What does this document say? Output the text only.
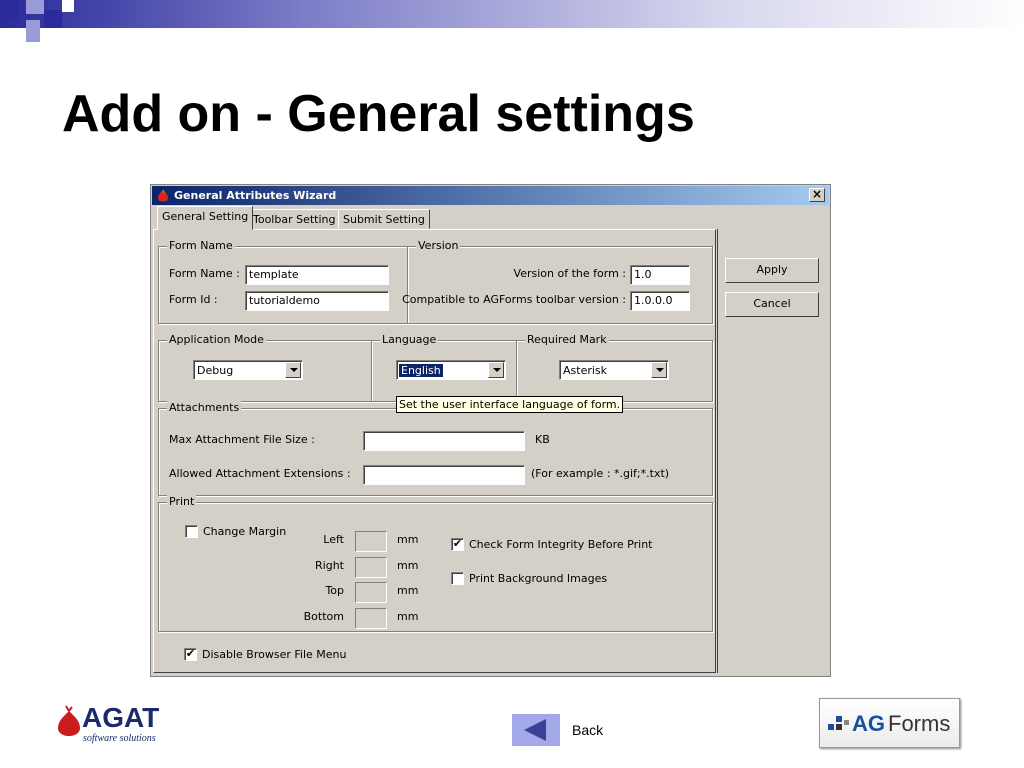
Add on - General settings
General Attributes Wizard	×
General Setting Toolbar Setting Submit Setting
Form Name
Form Name : template
Form Id :	tutorialdemo
Version
Version of the form : 1.0
Compatible to AGForms toolbar version : 1.0.0.0
Application Mode
Debug
Language
English
Required Mark
Asterisk
Set the user interface language of form.
Attachments
Max Attachment File Size :	KB
Allowed Attachment Extensions :	(For example : *.gif;*.txt)
Print
Change Margin
Left	mm
Right	mm
Top	mm
Bottom	mm
✔ Check Form Integrity Before Print
Print Background Images
✔ Disable Browser File Menu
Apply
Cancel
AGAT
software solutions
Back	AG Forms
